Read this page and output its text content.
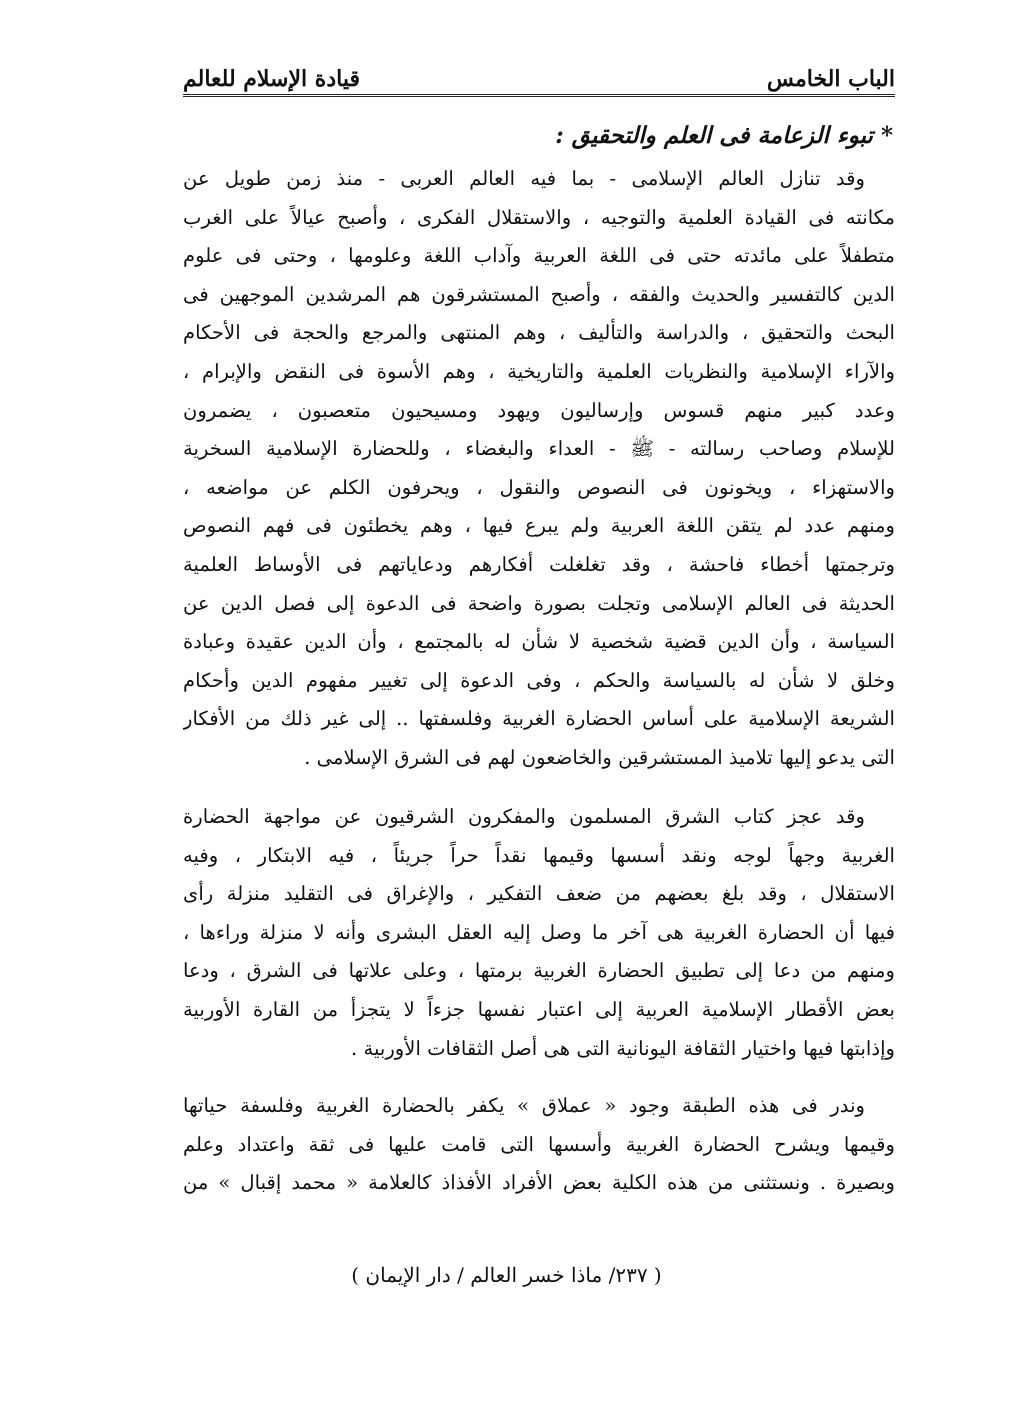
الباب الخامس
قيادة الإسلام للعالم
* تبوء الزعامة فى العلم والتحقيق :
وقد تنازل العالم الإسلامى - بما فيه العالم العربى - منذ زمن طويل عن
مكانته فى القيادة العلمية والتوجيه ، والاستقلال الفكرى ، وأصبح عيالاً على الغرب
متطفلاً على مائدته حتى فى اللغة العربية وآداب اللغة وعلومها ، وحتى فى علوم
الدين كالتفسير والحديث والفقه ، وأصبح المستشرقون هم المرشدين الموجهين فى
البحث والتحقيق ، والدراسة والتأليف ، وهم المنتهى والمرجع والحجة فى الأحكام
والآراء الإسلامية والنظريات العلمية والتاريخية ، وهم الأسوة فى النقض والإبرام ،
وعدد كبير منهم قسوس وإرساليون ويهود ومسيحيون متعصبون ، يضمرون
للإسلام وصاحب رسالته - ﷺ - العداء والبغضاء ، وللحضارة الإسلامية السخرية
والاستهزاء ، ويخونون فى النصوص والنقول ، ويحرفون الكلم عن مواضعه ،
ومنهم عدد لم يتقن اللغة العربية ولم يبرع فيها ، وهم يخطئون فى فهم النصوص
وترجمتها أخطاء فاحشة ، وقد تغلغلت أفكارهم ودعاياتهم فى الأوساط العلمية
الحديثة فى العالم الإسلامى وتجلت بصورة واضحة فى الدعوة إلى فصل الدين عن
السياسة ، وأن الدين قضية شخصية لا شأن له بالمجتمع ، وأن الدين عقيدة وعبادة
وخلق لا شأن له بالسياسة والحكم ، وفى الدعوة إلى تغيير مفهوم الدين وأحكام
الشريعة الإسلامية على أساس الحضارة الغربية وفلسفتها .. إلى غير ذلك من الأفكار
التى يدعو إليها تلاميذ المستشرقين والخاضعون لهم فى الشرق الإسلامى .
وقد عجز كتاب الشرق المسلمون والمفكرون الشرقيون عن مواجهة الحضارة
الغربية وجهاً لوجه ونقد أسسها وقيمها نقداً حراً جريئاً ، فيه الابتكار ، وفيه
الاستقلال ، وقد بلغ بعضهم من ضعف التفكير ، والإغراق فى التقليد منزلة رأى
فيها أن الحضارة الغربية هى آخر ما وصل إليه العقل البشرى وأنه لا منزلة وراءها ،
ومنهم من دعا إلى تطبيق الحضارة الغربية برمتها ، وعلى علاتها فى الشرق ، ودعا
بعض الأقطار الإسلامية العربية إلى اعتبار نفسها جزءاً لا يتجزأ من القارة الأوربية
وإذابتها فيها واختيار الثقافة اليونانية التى هى أصل الثقافات الأوربية .
وندر فى هذه الطبقة وجود « عملاق » يكفر بالحضارة الغربية وفلسفة حياتها
وقيمها ويشرح الحضارة الغربية وأسسها التى قامت عليها فى ثقة واعتداد وعلم
وبصيرة . ونستثنى من هذه الكلية بعض الأفراد الأفذاذ كالعلامة « محمد إقبال » من
( ٢٣٧/ ماذا خسر العالم / دار الإيمان )
